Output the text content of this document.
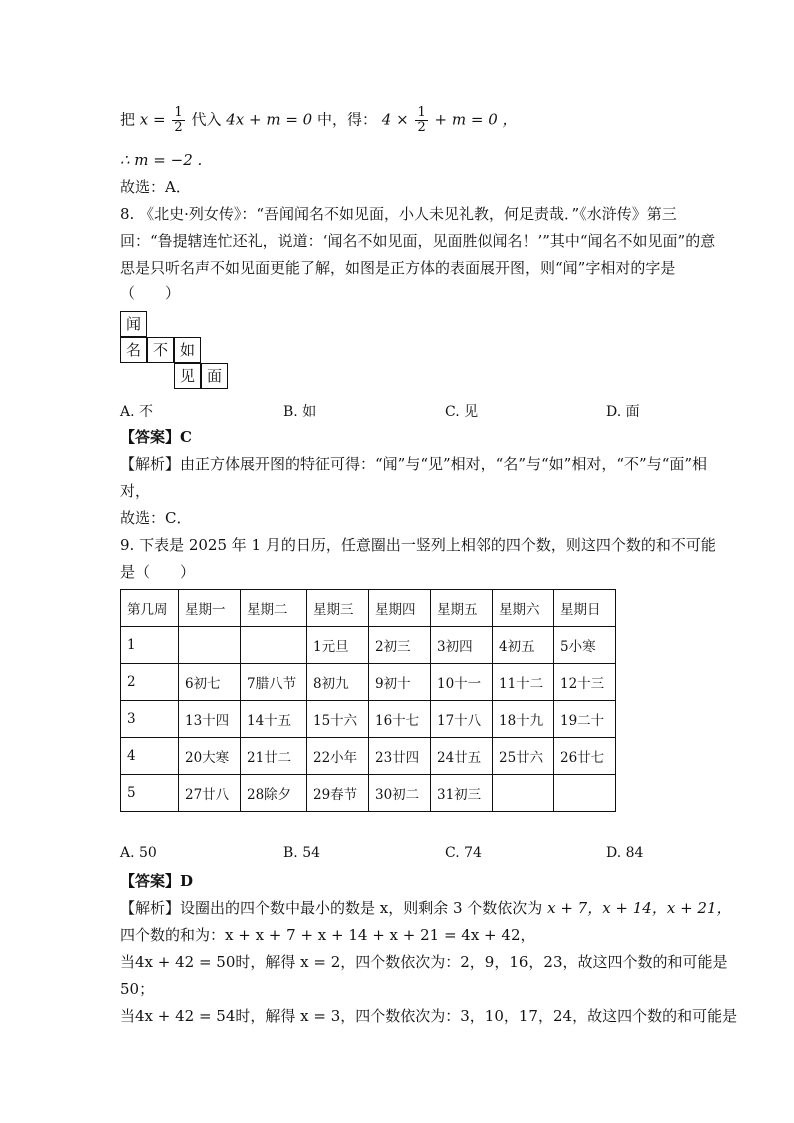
把 $x = \frac{1}{2}$ 代入 4x + m = 0 中，得： $4 \times \frac{1}{2} + m = 0$ ，
∴ m = −2 .
故选：A．
8. 《北史·列女传》：“吾闻闻名不如见面，小人未见礼教，何足责哉．”《水浒传》第三
回：“鲁提辖连忙还礼，说道：‘闻名不如见面，见面胜似闻名！’”其中“闻名不如见面”的意
思是只听名声不如见面更能了解，如图是正方体的表面展开图，则“闻”字相对的字是
（　　）
闻
名 不 如
见 面
A. 不	B. 如	C. 见	D. 面
【答案】C
【解析】由正方体展开图的特征可得：“闻”与“见”相对，“名”与“如”相对，“不”与“面”相
对，
故选：C．
9. 下表是 2025 年 1 月的日历，任意圈出一竖列上相邻的四个数，则这四个数的和不可能
是（　　）
第几周	星期一	星期二	星期三	星期四	星期五	星期六	星期日
1			1元旦	2初三	3初四	4初五	5小寒
2	6初七	7腊八节	8初九	9初十	10十一	11十二	12十三
3	13十四	14十五	15十六	16十七	17十八	18十九	19二十
4	20大寒	21廿二	22小年	23廿四	24廿五	25廿六	26廿七
5	27廿八	28除夕	29春节	30初二	31初三		
A. 50	B. 54	C. 74	D. 84
【答案】D
【解析】设圈出的四个数中最小的数是 x，则剩余 3 个数依次为 x + 7，x + 14，x + 21，
四个数的和为：x + x + 7 + x + 14 + x + 21 = 4x + 42，
当4x + 42 = 50时，解得 x = 2，四个数依次为：2，9，16，23，故这四个数的和可能是
50；
当4x + 42 = 54时，解得 x = 3，四个数依次为：3，10，17，24，故这四个数的和可能是
